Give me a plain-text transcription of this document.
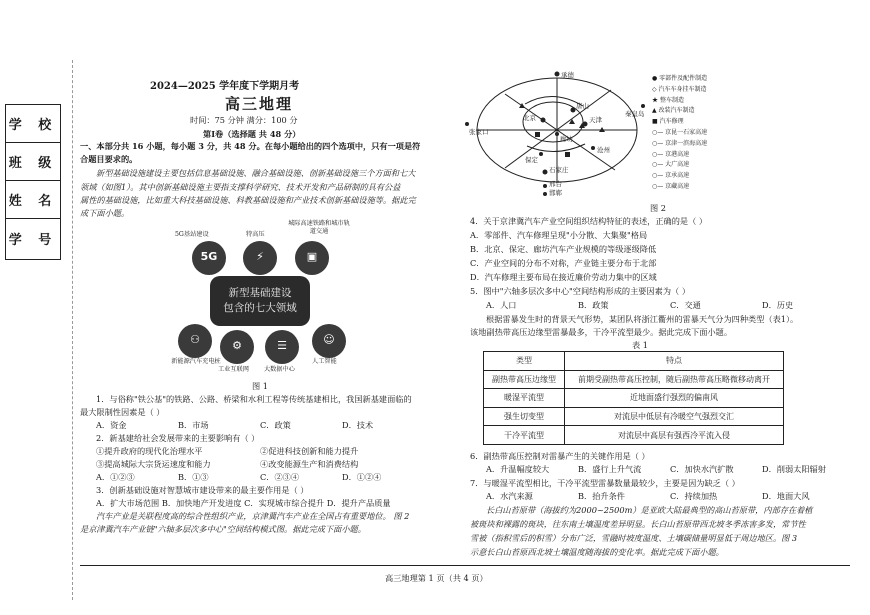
学 校
班 级
姓 名
学 号
2024—2025 学年度下学期月考
高三地理
时间：75 分钟 满分：100 分
第Ⅰ卷（选择题 共 48 分）
一、本部分共 16 小题，每小题 3 分，共 48 分。在每小题给出的四个选项中，只有一项是符
合题目要求的。
新型基础设施建设主要包括信息基础设施、融合基础设施、创新基础设施三个方面和七大
领域（如图1）。其中创新基础设施主要指支撑科学研究、技术开发和产品研制的具有公益
属性的基础设施，比如重大科技基础设施、科教基础设施和产业技术创新基础设施等。据此完
成下面小题。
5G基站建设	特高压
城际高速铁路和城市轨道交通
5G	⚡	▣
新型基础建设
包含的七大领域
⚇	⚙	☰	☺
新能源汽车充电桩
工业互联网 大数据中心
人工智能
图 1
1．与俗称"铁公基"的铁路、公路、桥梁和水利工程等传统基建相比，我国新基建面临的
最大限制性因素是（ ）
A．资金	B．市场	C．政策	D．技术
2．新基建给社会发展带来的主要影响有（ ）
①提升政府的现代化治理水平	②促进科技创新和能力提升
③提高城际大宗货运速度和能力	④改变能源生产和消费结构
A．①②③	B．①③	C．②③④	D．①②④
3．创新基础设施对智慧城市建设带来的最主要作用是（ ）
A．扩大市场范围 B．加快地产开发进度 C．实现城市综合提升 D．提升产品质量
汽车产业是关联程度高的综合性组织产业，京津冀汽车产业在全国占有重要地位。 图 2
是京津冀汽车产业链"六轴多层次多中心"空间结构模式图。据此完成下面小题。
承德
张家口
北京
唐山
天津
廊坊
沧州
保定
石家庄
邢台
邯郸
秦皇岛
● 零部件及配件制造
◇ 汽车车身挂车制造
★ 整车制造
▲ 改装汽车制造
■ 汽车修理
○— 京昆一石家高速
○— 京津一滨海高速
○— 京港高速
○— 大广高速
○— 京承高速
○— 京藏高速
图 2
4．关于京津冀汽车产业空间组织结构特征的表述，正确的是（ ）
A．零部件、汽车修理呈现"小分散、大集聚"格局
B．北京、保定、廊坊汽车产业规模的等级逐级降低
C．产业空间的分布不对称，产业链主要分布于北部
D．汽车修理主要布局在接近廉价劳动力集中的区域
5．图中"六轴多层次多中心"空间结构形成的主要因素为（ ）
A．人口	B．政策	C．交通	D．历史
根据雷暴发生时的背景天气形势，某团队将浙江衢州的雷暴天气分为四种类型（表1）。
该地副热带高压边缘型雷暴最多，干冷平流型最少。据此完成下面小题。
表 1
类型	特点
副热带高压边缘型	前期受副热带高压控制，随后副热带高压略微移动离开
暖湿平流型	近地面盛行强烈的偏南风
强生切变型	对流层中低层有冷暖空气强烈交汇
干冷平流型	对流层中高层有强西冷平流入侵
6．副热带高压控制对雷暴产生的关键作用是（ ）
A．升温幅度较大	B．盛行上升气流	C．加快水汽扩散	D．削弱太阳辐射
7．与暖湿平流型相比，干冷平流型雷暴数量最较少，主要是因为缺乏（ ）
A．水汽来源	B．抬升条件	C．持续加热	D．地面大风
长白山苔原带（海拔约为2000~2500m）是亚欧大陆最典型的高山苔原带，内部存在着植
被斑块和裸露的斑块，往东南土壤温度差异明显。长白山苔原带西北坡冬季冻害多发，常节性
雪被（指积雪后的积雪）分布广泛，雪融时坡度温度、土壤碳储量明显低于周边地区。图 3
示意长白山苔原西北坡土壤温度随海拔的变化率。据此完成下面小题。
高三地理第 1 页（共 4 页）
